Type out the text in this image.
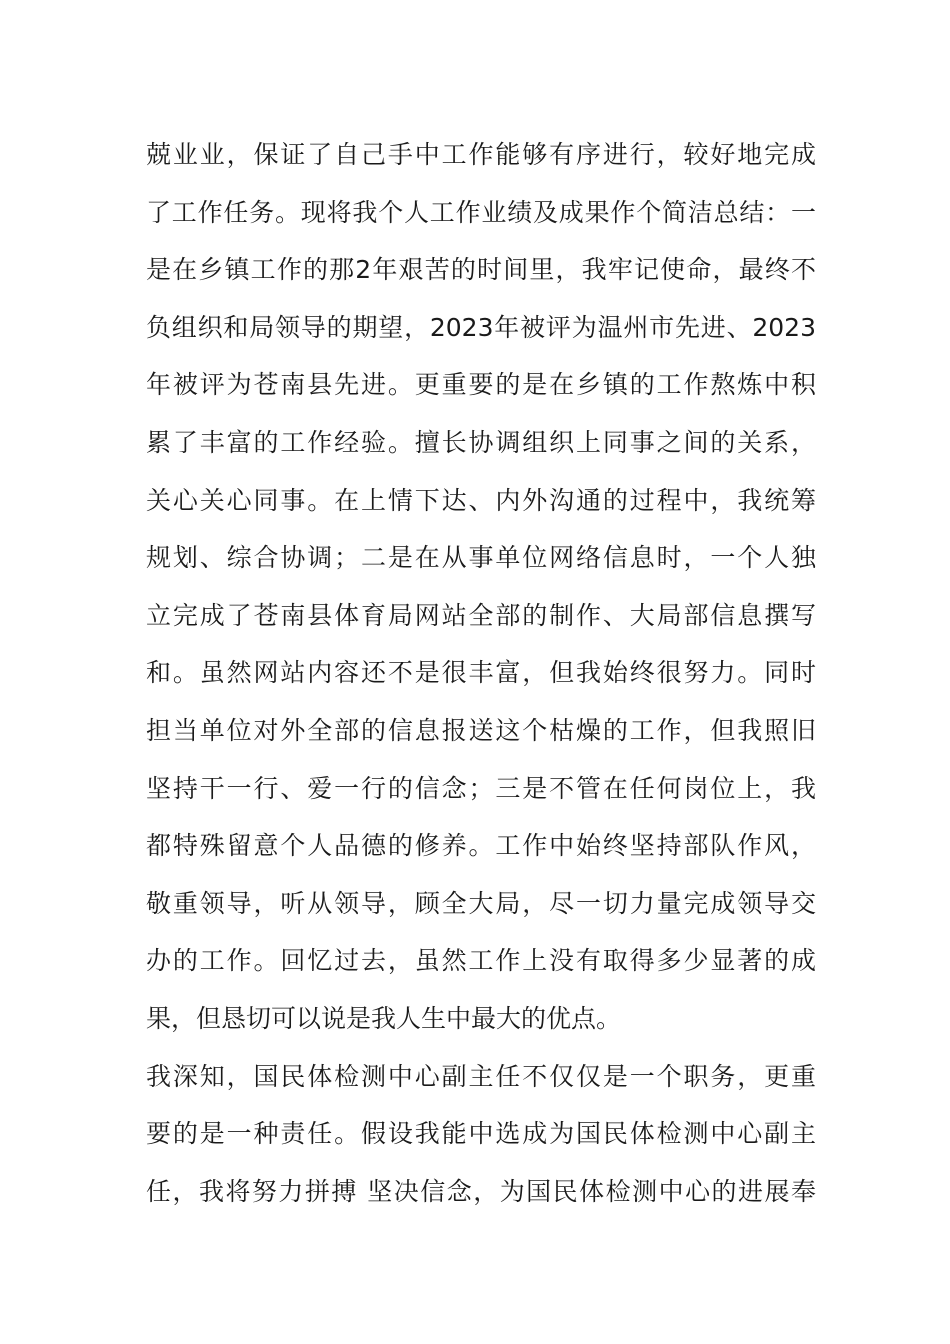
兢业业，保证了自己手中工作能够有序进行，较好地完成
了工作任务。现将我个人工作业绩及成果作个简洁总结：一
是在乡镇工作的那2年艰苦的时间里，我牢记使命，最终不
负组织和局领导的期望，2023年被评为温州市先进、2023
年被评为苍南县先进。更重要的是在乡镇的工作熬炼中积
累了丰富的工作经验。擅长协调组织上同事之间的关系，
关心关心同事。在上情下达、内外沟通的过程中，我统筹
规划、综合协调；二是在从事单位网络信息时，一个人独
立完成了苍南县体育局网站全部的制作、大局部信息撰写
和。虽然网站内容还不是很丰富，但我始终很努力。同时
担当单位对外全部的信息报送这个枯燥的工作，但我照旧
坚持干一行、爱一行的信念；三是不管在任何岗位上，我
都特殊留意个人品德的修养。工作中始终坚持部队作风，
敬重领导，听从领导，顾全大局，尽一切力量完成领导交
办的工作。回忆过去，虽然工作上没有取得多少显著的成
果，但恳切可以说是我人生中最大的优点。
我深知，国民体检测中心副主任不仅仅是一个职务，更重
要的是一种责任。假设我能中选成为国民体检测中心副主
任，我将努力拼搏 坚决信念，为国民体检测中心的进展奉
